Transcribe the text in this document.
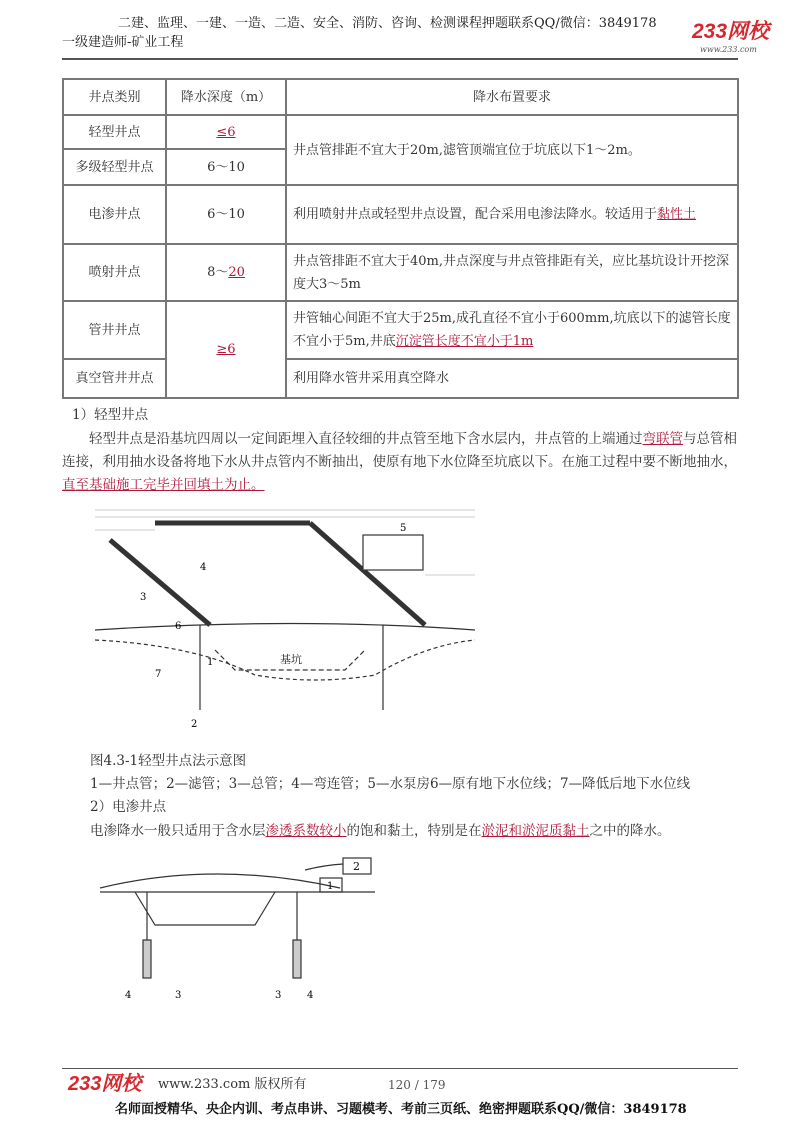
二建、监理、一建、一造、二造、安全、消防、咨询、检测课程押题联系QQ/微信：3849178
一级建造师-矿业工程	233网校
www.233.com
井点类别	降水深度（m）	降水布置要求
轻型井点	≤6	井点管排距不宜大于20m,滤管顶端宜位于坑底以下1～2m。
多级轻型井点	6～10	
电渗井点	6～10	利用喷射井点或轻型井点设置，配合采用电渗法降水。较适用于黏性土
喷射井点	8～20	井点管排距不宜大于40m,井点深度与井点管排距有关，应比基坑设计开挖深度大3～5m
管井井点	≥6	井管轴心间距不宜大于25m,成孔直径不宜小于600mm,坑底以下的滤管长度不宜小于5m,井底沉淀管长度不宜小于1m
真空管井井点		利用降水管井采用真空降水
1）轻型井点
轻型井点是沿基坑四周以一定间距埋入直径较细的井点管至地下含水层内，井点管的上端通过弯联管与总管相连接，利用抽水设备将地下水从井点管内不断抽出，使原有地下水位降至坑底以下。在施工过程中要不断地抽水，直至基础施工完毕并回填土为止。
基坑
1
2
3
4
5
6
7
图4.3-1轻型井点法示意图
1—井点管；2—滤管；3—总管；4—弯连管；5—水泵房6—原有地下水位线；7—降低后地下水位线
2）电渗井点
电渗降水一般只适用于含水层渗透系数较小的饱和黏土，特别是在淤泥和淤泥质黏土之中的降水。
2
1
3
4	3	4
233网校 www.233.com 版权所有	120 / 179
名师面授精华、央企内训、考点串讲、习题模考、考前三页纸、绝密押题联系QQ/微信：3849178
